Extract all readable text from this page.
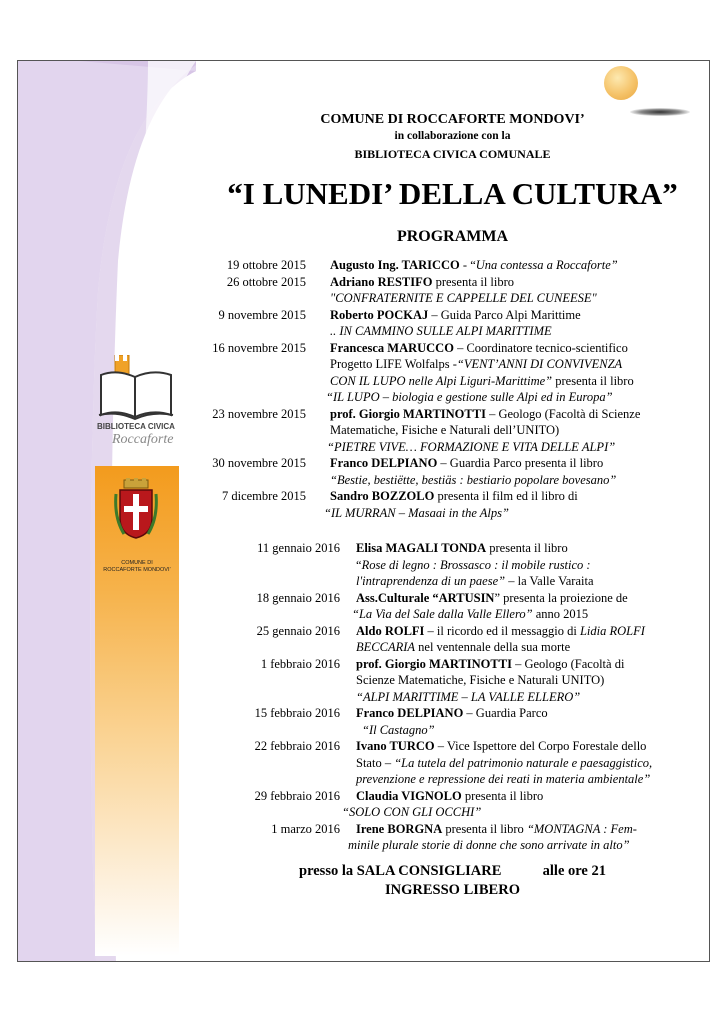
BIBLIOTECA CIVICA
Roccaforte
COMUNE DI
ROCCAFORTE MONDOVI’
COMUNE DI ROCCAFORTE MONDOVI’
in collaborazione con la
BIBLIOTECA CIVICA COMUNALE
“I LUNEDI’ DELLA CULTURA”
PROGRAMMA
19 ottobre 2015 Augusto Ing. TARICCO - “Una contessa a Roccaforte”
26 ottobre 2015 Adriano RESTIFO presenta il libro
"CONFRATERNITE E CAPPELLE DEL CUNEESE"
9 novembre 2015 Roberto POCKAJ – Guida Parco Alpi Marittime
.. IN CAMMINO SULLE ALPI MARITTIME
16 novembre 2015 Francesca MARUCCO – Coordinatore tecnico-scientifico
Progetto LIFE Wolfalps -“VENT’ANNI DI CONVIVENZA
CON IL LUPO nelle Alpi Liguri-Marittime” presenta il libro
“IL LUPO – biologia e gestione sulle Alpi ed in Europa”
23 novembre 2015 prof. Giorgio MARTINOTTI – Geologo (Facoltà di Scienze
Matematiche, Fisiche e Naturali dell’UNITO)
“PIETRE VIVE… FORMAZIONE E VITA DELLE ALPI”
30 novembre 2015 Franco DELPIANO – Guardia Parco presenta il libro
“Bestie, bestiëtte, bestiäs : bestiario popolare bovesano”
7 dicembre 2015 Sandro BOZZOLO presenta il film ed il libro di
“IL MURRAN – Masaai in the Alps”
11 gennaio 2016 Elisa MAGALI TONDA presenta il libro
“Rose di legno : Brossasco : il mobile rustico :
l'intraprendenza di un paese” – la Valle Varaita
18 gennaio 2016 Ass.Culturale “ARTUSIN” presenta la proiezione de
“La Via del Sale dalla Valle Ellero” anno 2015
25 gennaio 2016 Aldo ROLFI – il ricordo ed il messaggio di Lidia ROLFI
BECCARIA nel ventennale della sua morte
1 febbraio 2016 prof. Giorgio MARTINOTTI – Geologo (Facoltà di
Scienze Matematiche, Fisiche e Naturali UNITO)
“ALPI MARITTIME – LA VALLE ELLERO”
15 febbraio 2016 Franco DELPIANO – Guardia Parco
“Il Castagno”
22 febbraio 2016 Ivano TURCO – Vice Ispettore del Corpo Forestale dello
Stato – “La tutela del patrimonio naturale e paesaggistico,
prevenzione e repressione dei reati in materia ambientale”
29 febbraio 2016 Claudia VIGNOLO presenta il libro
“SOLO CON GLI OCCHI”
1 marzo 2016 Irene BORGNA presenta il libro “MONTAGNA : Fem-
minile plurale storie di donne che sono arrivate in alto”
presso la SALA CONSIGLIARE	alle ore 21
INGRESSO LIBERO
